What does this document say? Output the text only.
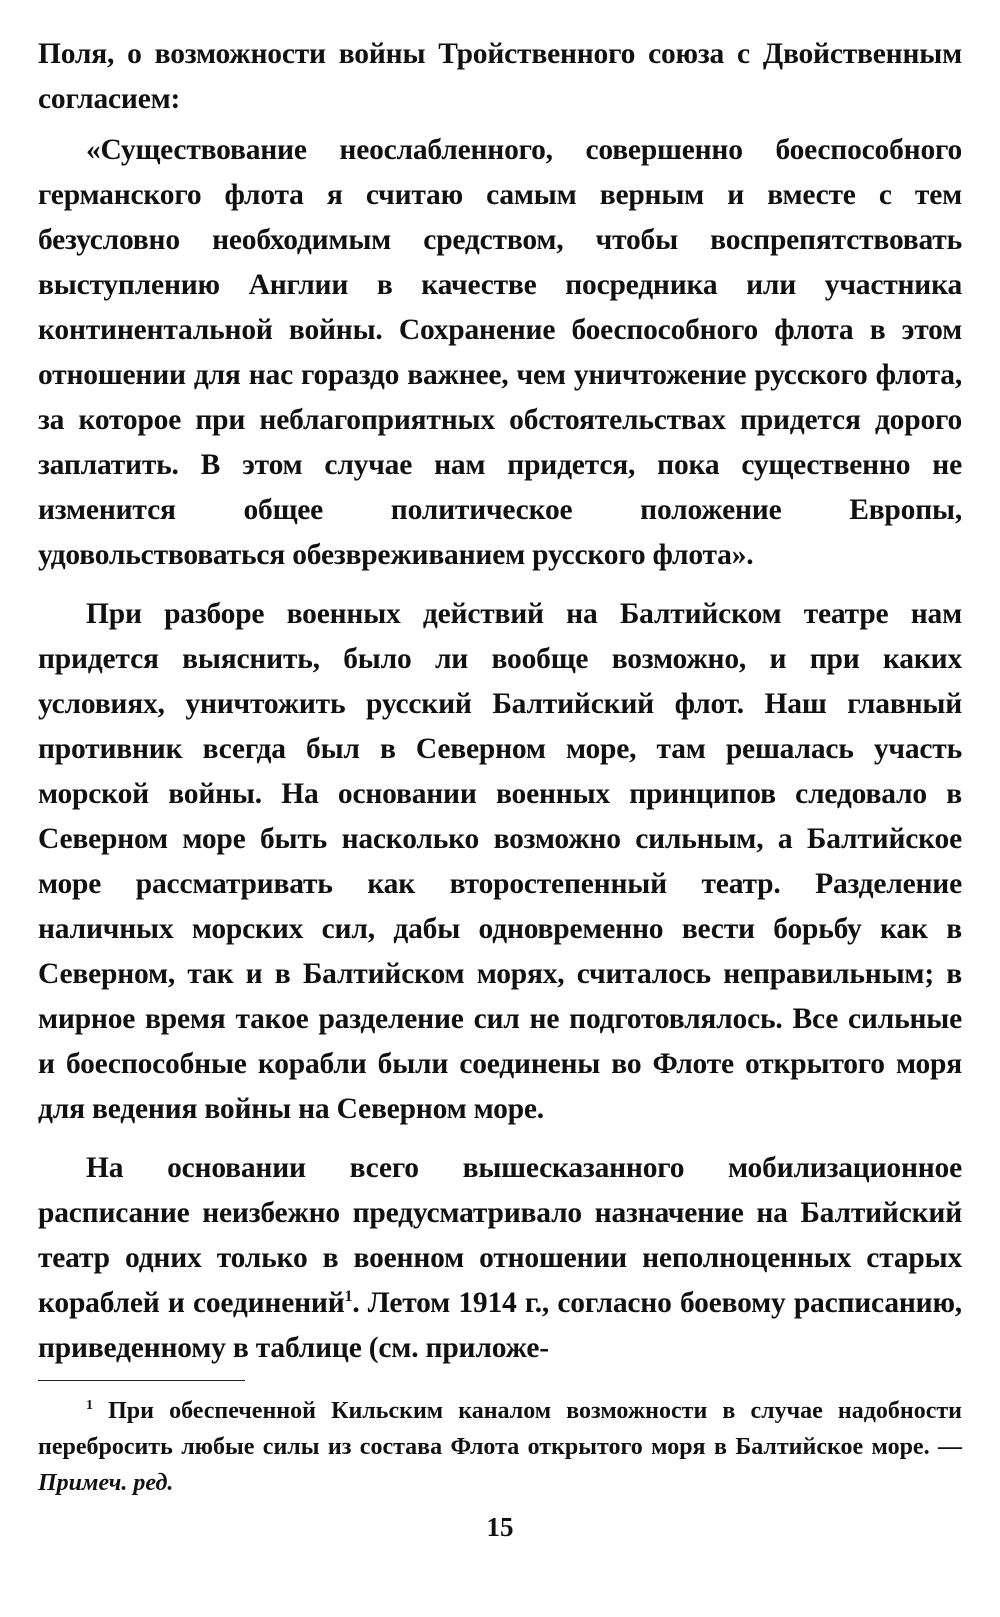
Поля, о возможности войны Тройственного союза с Двойственным согласием:

«Существование неослабленного, совершенно боеспособного германского флота я считаю самым верным и вместе с тем безусловно необходимым средством, чтобы воспрепятствовать выступлению Англии в качестве посредника или участника континентальной войны. Сохранение боеспособного флота в этом отношении для нас гораздо важнее, чем уничтожение русского флота, за которое при неблагоприятных обстоятельствах придется дорого заплатить. В этом случае нам придется, пока существенно не изменится общее политическое положение Европы, удовольствоваться обезвреживанием русского флота».

При разборе военных действий на Балтийском театре нам придется выяснить, было ли вообще возможно, и при каких условиях, уничтожить русский Балтийский флот. Наш главный противник всегда был в Северном море, там решалась участь морской войны. На основании военных принципов следовало в Северном море быть насколько возможно сильным, а Балтийское море рассматривать как второстепенный театр. Разделение наличных морских сил, дабы одновременно вести борьбу как в Северном, так и в Балтийском морях, считалось неправильным; в мирное время такое разделение сил не подготовлялось. Все сильные и боеспособные корабли были соединены во Флоте открытого моря для ведения войны на Северном море.

На основании всего вышесказанного мобилизационное расписание неизбежно предусматривало назначение на Балтийский театр одних только в военном отношении неполноценных старых кораблей и соединений$^1$. Летом 1914 г., согласно боевому расписанию, приведенному в таблице (см. приложе-

$^1$ При обеспеченной Кильским каналом возможности в случае надобности перебросить любые силы из состава Флота открытого моря в Балтийское море. — Примеч. ред.

15
